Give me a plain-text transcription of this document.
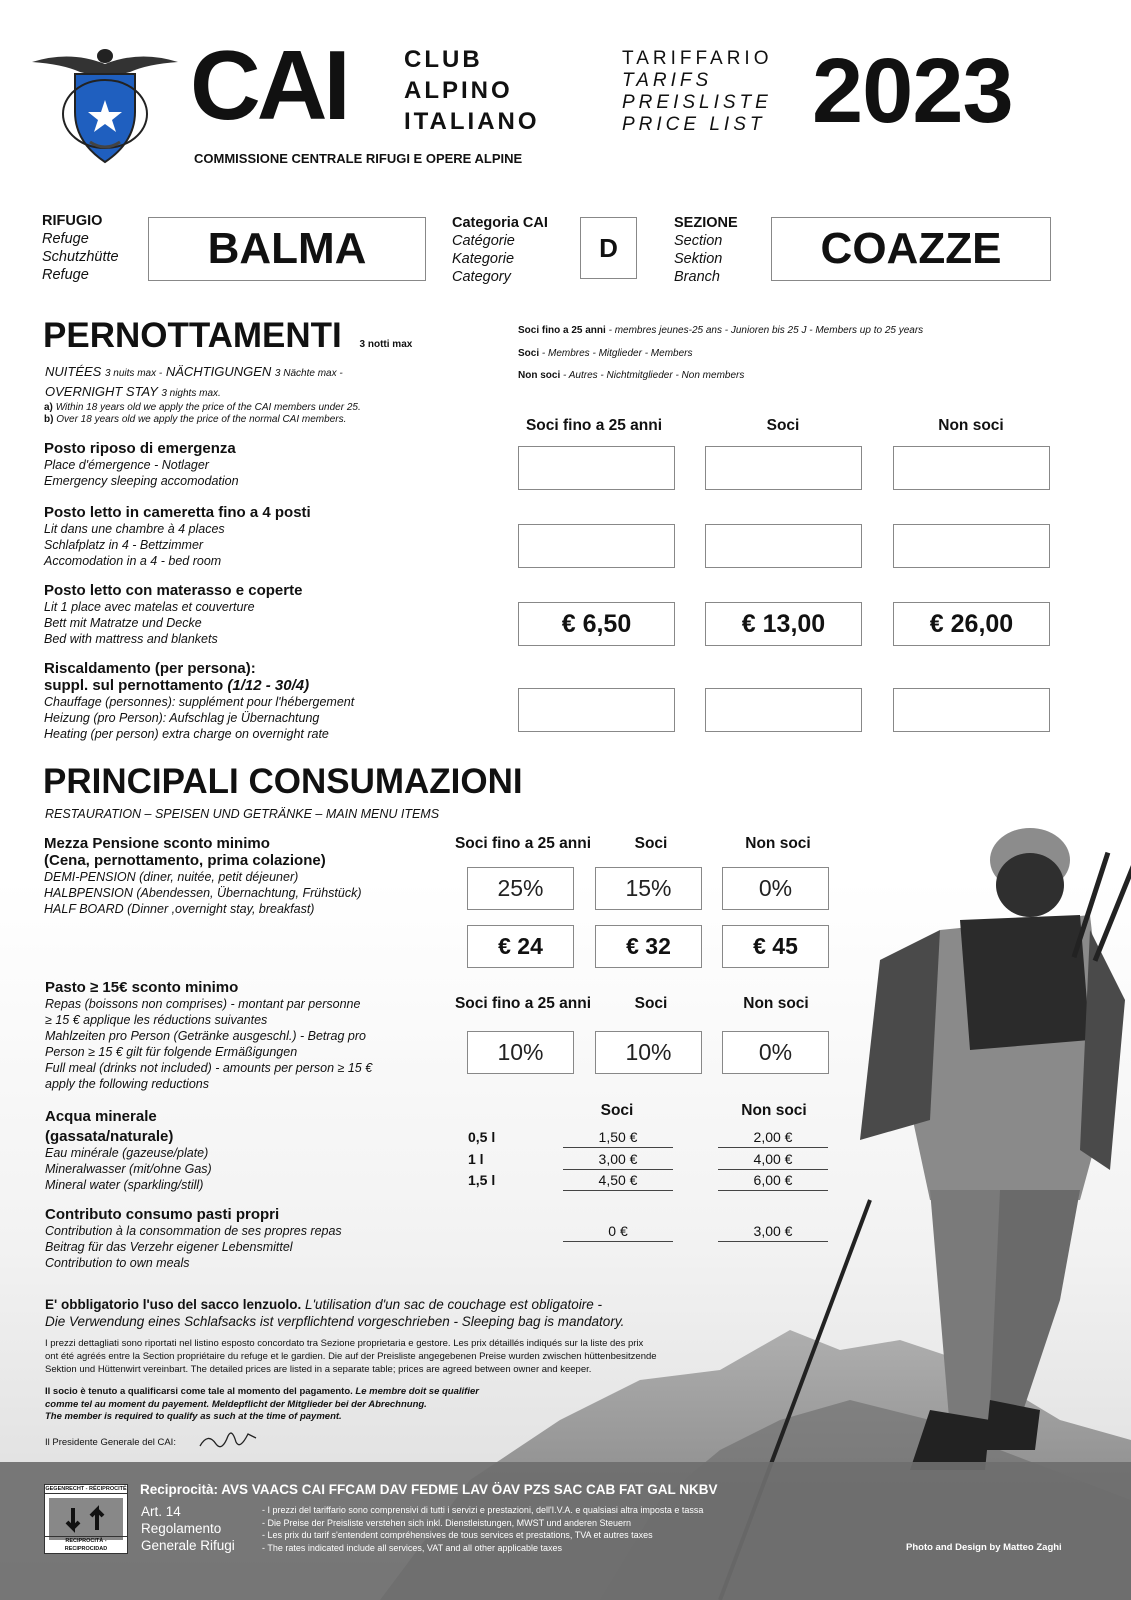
CAI CLUB
ALPINO
ITALIANO
COMMISSIONE CENTRALE RIFUGI E OPERE ALPINE
TARIFFARIO
TARIFS
PREISLISTE
PRICE LIST 2023
RIFUGIO
Refuge
Schutzhütte
Refuge
BALMA
Categoria CAI
Catégorie
Kategorie
Category
D
SEZIONE
Section
Sektion
Branch
COAZZE
PERNOTTAMENTI 3 notti max
NUITÉES 3 nuits max - NÄCHTIGUNGEN 3 Nächte max -
OVERNIGHT STAY 3 nights max.
a) Within 18 years old we apply the price of the CAI members under 25.
b) Over 18 years old we apply the price of the normal CAI members.
Soci fino a 25 anni - membres jeunes-25 ans - Junioren bis 25 J - Members up to 25 years
Soci - Membres - Mitglieder - Members
Non soci - Autres - Nichtmitglieder - Non members
Soci fino a 25 anni	Soci	Non soci
Posto riposo di emergenza
Place d'émergence - Notlager
Emergency sleeping accomodation
Posto letto in cameretta fino a 4 posti
Lit dans une chambre à 4 places
Schlafplatz in 4 - Bettzimmer
Accomodation in a 4 - bed room
Posto letto con materasso e coperte
Lit 1 place avec matelas et couverture
Bett mit Matratze und Decke
Bed with mattress and blankets
€ 6,50	€ 13,00	€ 26,00
Riscaldamento (per persona):
suppl. sul pernottamento (1/12 - 30/4)
Chauffage (personnes): supplément pour l'hébergement
Heizung (pro Person): Aufschlag je Übernachtung
Heating (per person) extra charge on overnight rate
PRINCIPALI CONSUMAZIONI
RESTAURATION – SPEISEN UND GETRÄNKE – MAIN MENU ITEMS
Soci fino a 25 anni	Soci	Non soci
Mezza Pensione sconto minimo
(Cena, pernottamento, prima colazione)
DEMI-PENSION (diner, nuitée, petit déjeuner)
HALBPENSION (Abendessen, Übernachtung, Frühstück)
HALF BOARD (Dinner ,overnight stay, breakfast)
25%	15%	0%
€ 24	€ 32	€ 45
Pasto ≥ 15€ sconto minimo
Repas (boissons non comprises) - montant par personne
≥ 15 € applique les réductions suivantes
Mahlzeiten pro Person (Getränke ausgeschl.) - Betrag pro
Person ≥ 15 € gilt für folgende Ermäßigungen
Full meal (drinks not included) - amounts per person ≥ 15 €
apply the following reductions
Soci fino a 25 anni	Soci	Non soci
10%	10%	0%
Acqua minerale
(gassata/naturale)
Eau minérale (gazeuse/plate)
Mineralwasser (mit/ohne Gas)
Mineral water (sparkling/still)
Soci	Non soci
0,5 l	1,50 €	2,00 €
1 l	3,00 €	4,00 €
1,5 l	4,50 €	6,00 €
Contributo consumo pasti propri
Contribution à la consommation de ses propres repas
Beitrag für das Verzehr eigener Lebensmittel
Contribution to own meals
0 €	3,00 €
E' obbligatorio l'uso del sacco lenzuolo. L'utilisation d'un sac de couchage est obligatoire -
Die Verwendung eines Schlafsacks ist verpflichtend vorgeschrieben - Sleeping bag is mandatory.
I prezzi dettagliati sono riportati nel listino esposto concordato tra Sezione proprietaria e gestore. Les prix détaillés indiqués sur la liste des prix
ont été agréés entre la Section propriétaire du refuge et le gardien. Die auf der Preisliste angegebenen Preise wurden zwischen hüttenbesitzende
Sektion und Hüttenwirt vereinbart. The detailed prices are listed in a separate table; prices are agreed between owner and keeper.
Il socio è tenuto a qualificarsi come tale al momento del pagamento. Le membre doit se qualifier
comme tel au moment du payement. Meldepflicht der Mitglieder bei der Abrechnung.
The member is required to qualify as such at the time of payment.
Il Presidente Generale del CAI:
GEGENRECHT - RÉCIPROCITÉ
RECIPROCITÀ - RECIPROCIDAD
Reciprocità: AVS VAACS CAI FFCAM DAV FEDME LAV ÖAV PZS SAC CAB FAT GAL NKBV
Art. 14
Regolamento
Generale Rifugi
- I prezzi del tariffario sono comprensivi di tutti i servizi e prestazioni, dell'I.V.A. e qualsiasi altra imposta e tassa
- Die Preise der Preisliste verstehen sich inkl. Dienstleistungen, MWST und anderen Steuern
- Les prix du tarif s'entendent compréhensives de tous services et prestations, TVA et autres taxes
- The rates indicated include all services, VAT and all other applicable taxes	Photo and Design by Matteo Zaghi
